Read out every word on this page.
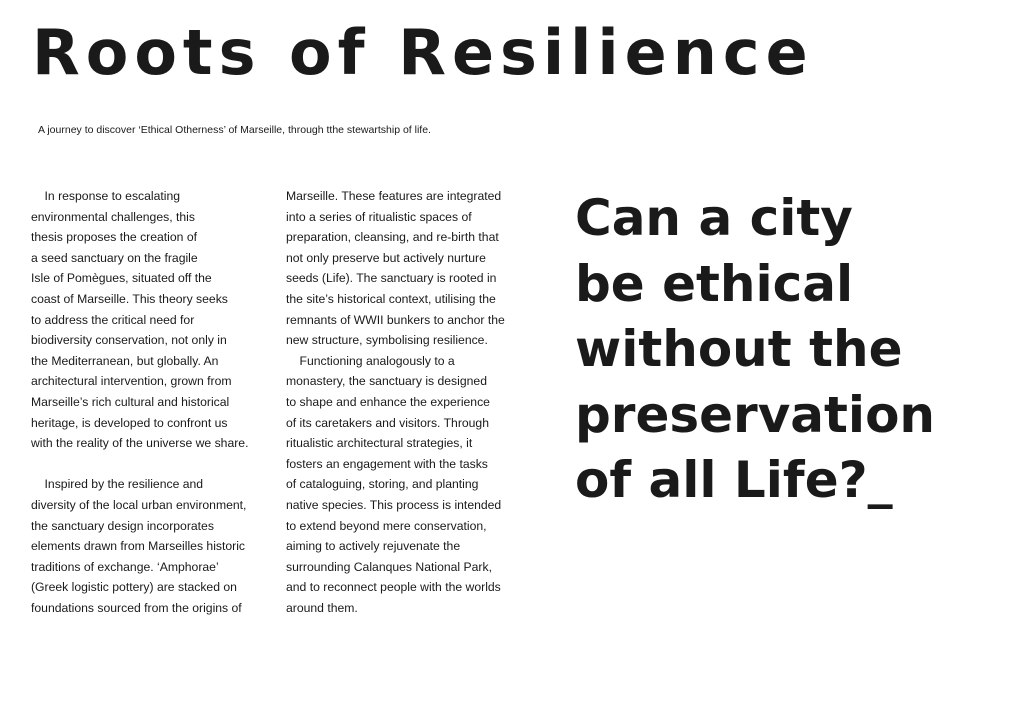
Roots of Resilience

A journey to discover ‘Ethical Otherness’ of Marseille, through tthe stewartship of life.

In response to escalating
environmental challenges, this
thesis proposes the creation of
a seed sanctuary on the fragile
Isle of Pomègues, situated off the
coast of Marseille. This theory seeks
to address the critical need for
biodiversity conservation, not only in
the Mediterranean, but globally. An
architectural intervention, grown from
Marseille’s rich cultural and historical
heritage, is developed to confront us
with the reality of the universe we share.

Inspired by the resilience and
diversity of the local urban environment,
the sanctuary design incorporates
elements drawn from Marseilles historic
traditions of exchange. ‘Amphorae’
(Greek logistic pottery) are stacked on
foundations sourced from the origins of

Marseille. These features are integrated
into a series of ritualistic spaces of
preparation, cleansing, and re-birth that
not only preserve but actively nurture
seeds (Life). The sanctuary is rooted in
the site’s historical context, utilising the
remnants of WWII bunkers to anchor the
new structure, symbolising resilience.

Functioning analogously to a
monastery, the sanctuary is designed
to shape and enhance the experience
of its caretakers and visitors. Through
ritualistic architectural strategies, it
fosters an engagement with the tasks
of cataloguing, storing, and planting
native species. This process is intended
to extend beyond mere conservation,
aiming to actively rejuvenate the
surrounding Calanques National Park,
and to reconnect people with the worlds
around them.

Can a city
be ethical
without the
preservation
of all Life?_
